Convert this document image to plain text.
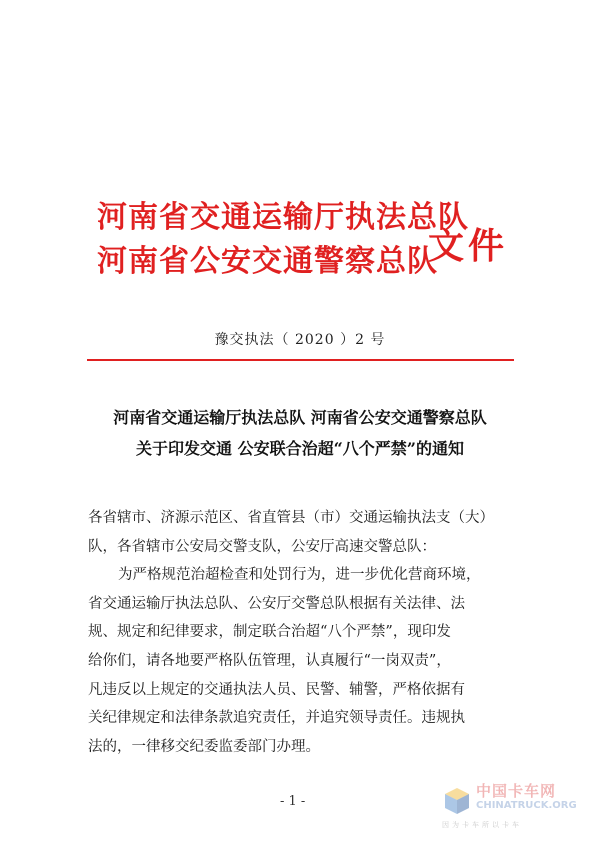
河南省交通运输厅执法总队
河南省公安交通警察总队
文件
豫交执法（ 2020 ）2 号
河南省交通运输厅执法总队 河南省公安交通警察总队
关于印发交通 公安联合治超“八个严禁”的通知
各省辖市、济源示范区、省直管县（市）交通运输执法支（大）
队，各省辖市公安局交警支队，公安厅高速交警总队：
为严格规范治超检查和处罚行为，进一步优化营商环境，
省交通运输厅执法总队、公安厅交警总队根据有关法律、法
规、规定和纪律要求，制定联合治超“八个严禁”，现印发
给你们，请各地要严格队伍管理，认真履行“一岗双责”，
凡违反以上规定的交通执法人员、民警、辅警，严格依据有
关纪律规定和法律条款追究责任，并追究领导责任。违规执
法的，一律移交纪委监委部门办理。
- 1 -
中国卡车网
CHINATRUCK.ORG
因为卡车所以卡车
